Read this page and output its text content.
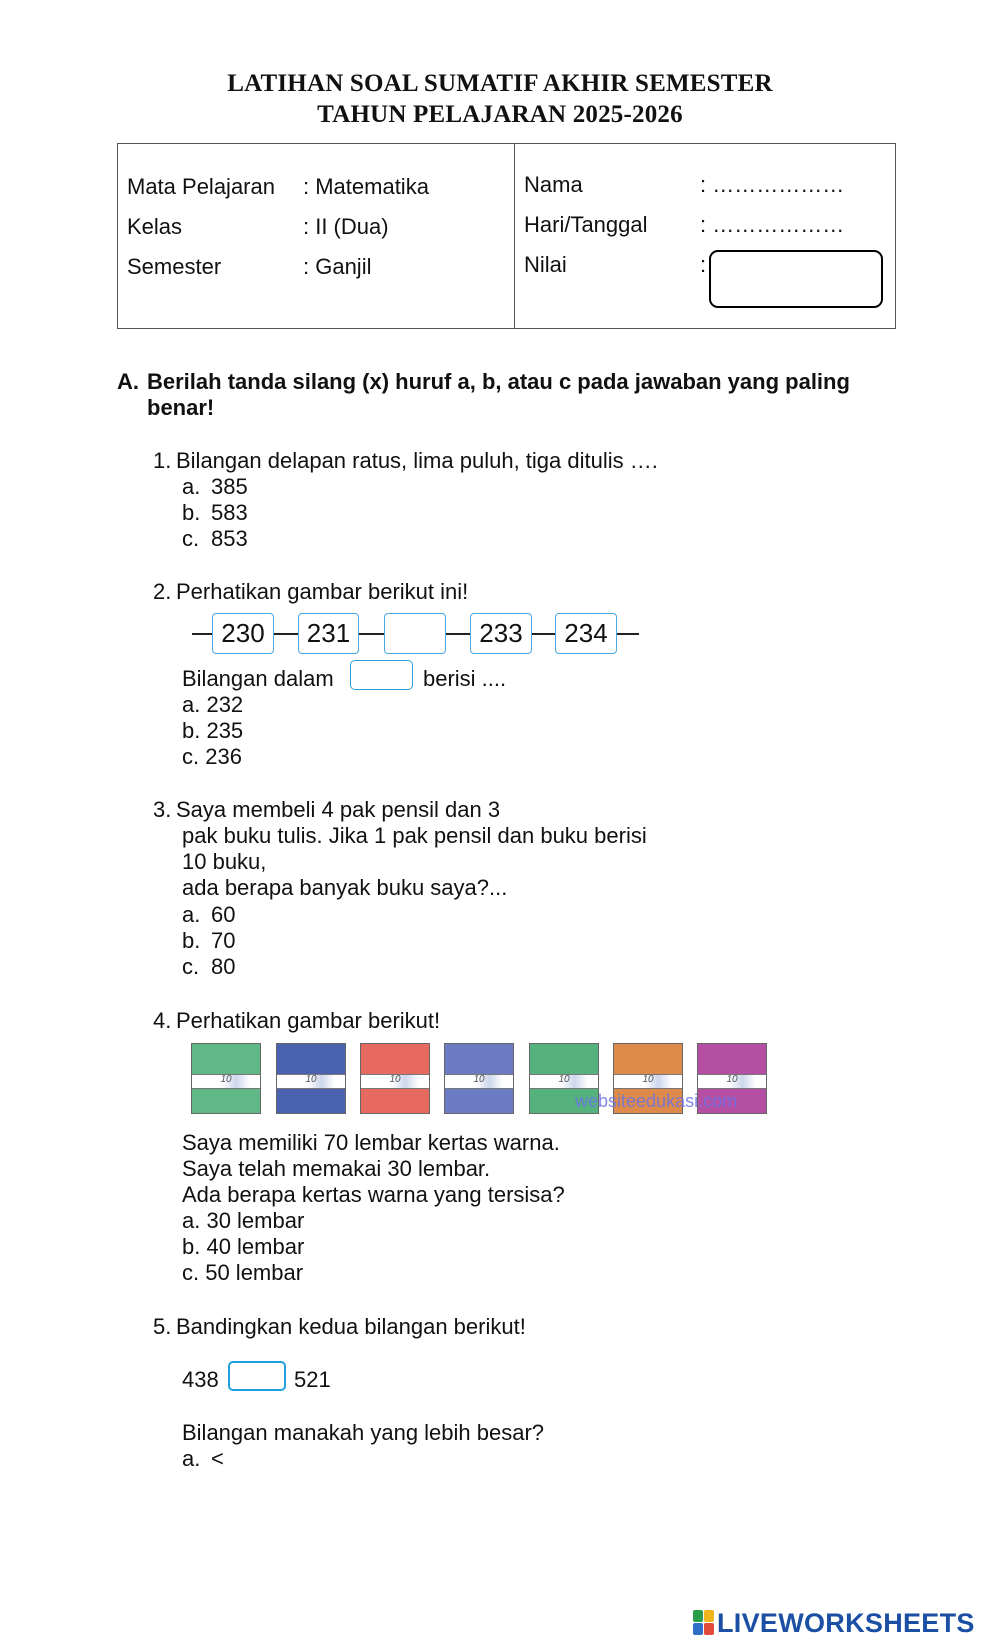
LATIHAN SOAL SUMATIF AKHIR SEMESTER
TAHUN PELAJARAN 2025-2026
Mata Pelajaran : Matematika
Kelas	: II (Dua)
Semester	: Ganjil
Nama	: ………………
Hari/Tanggal : ………………
Nilai	:
A. Berilah tanda silang (x) huruf a, b, atau c pada jawaban yang paling
benar!
1. Bilangan delapan ratus, lima puluh, tiga ditulis ….
a. 385
b. 583
c. 853
2. Perhatikan gambar berikut ini!
230	231	233	234
Bilangan dalam	berisi ....
a. 232
b. 235
c. 236
3. Saya membeli 4 pak pensil dan 3
pak buku tulis. Jika 1 pak pensil dan buku berisi
10 buku,
ada berapa banyak buku saya?...
a. 60
b. 70
c. 80
4. Perhatikan gambar berikut!
10	10	10	10	10	10	10
websiteedukasi.com
Saya memiliki 70 lembar kertas warna.
Saya telah memakai 30 lembar.
Ada berapa kertas warna yang tersisa?
a. 30 lembar
b. 40 lembar
c. 50 lembar
5. Bandingkan kedua bilangan berikut!
438	521
Bilangan manakah yang lebih besar?
a. <
LIVEWORKSHEETS
